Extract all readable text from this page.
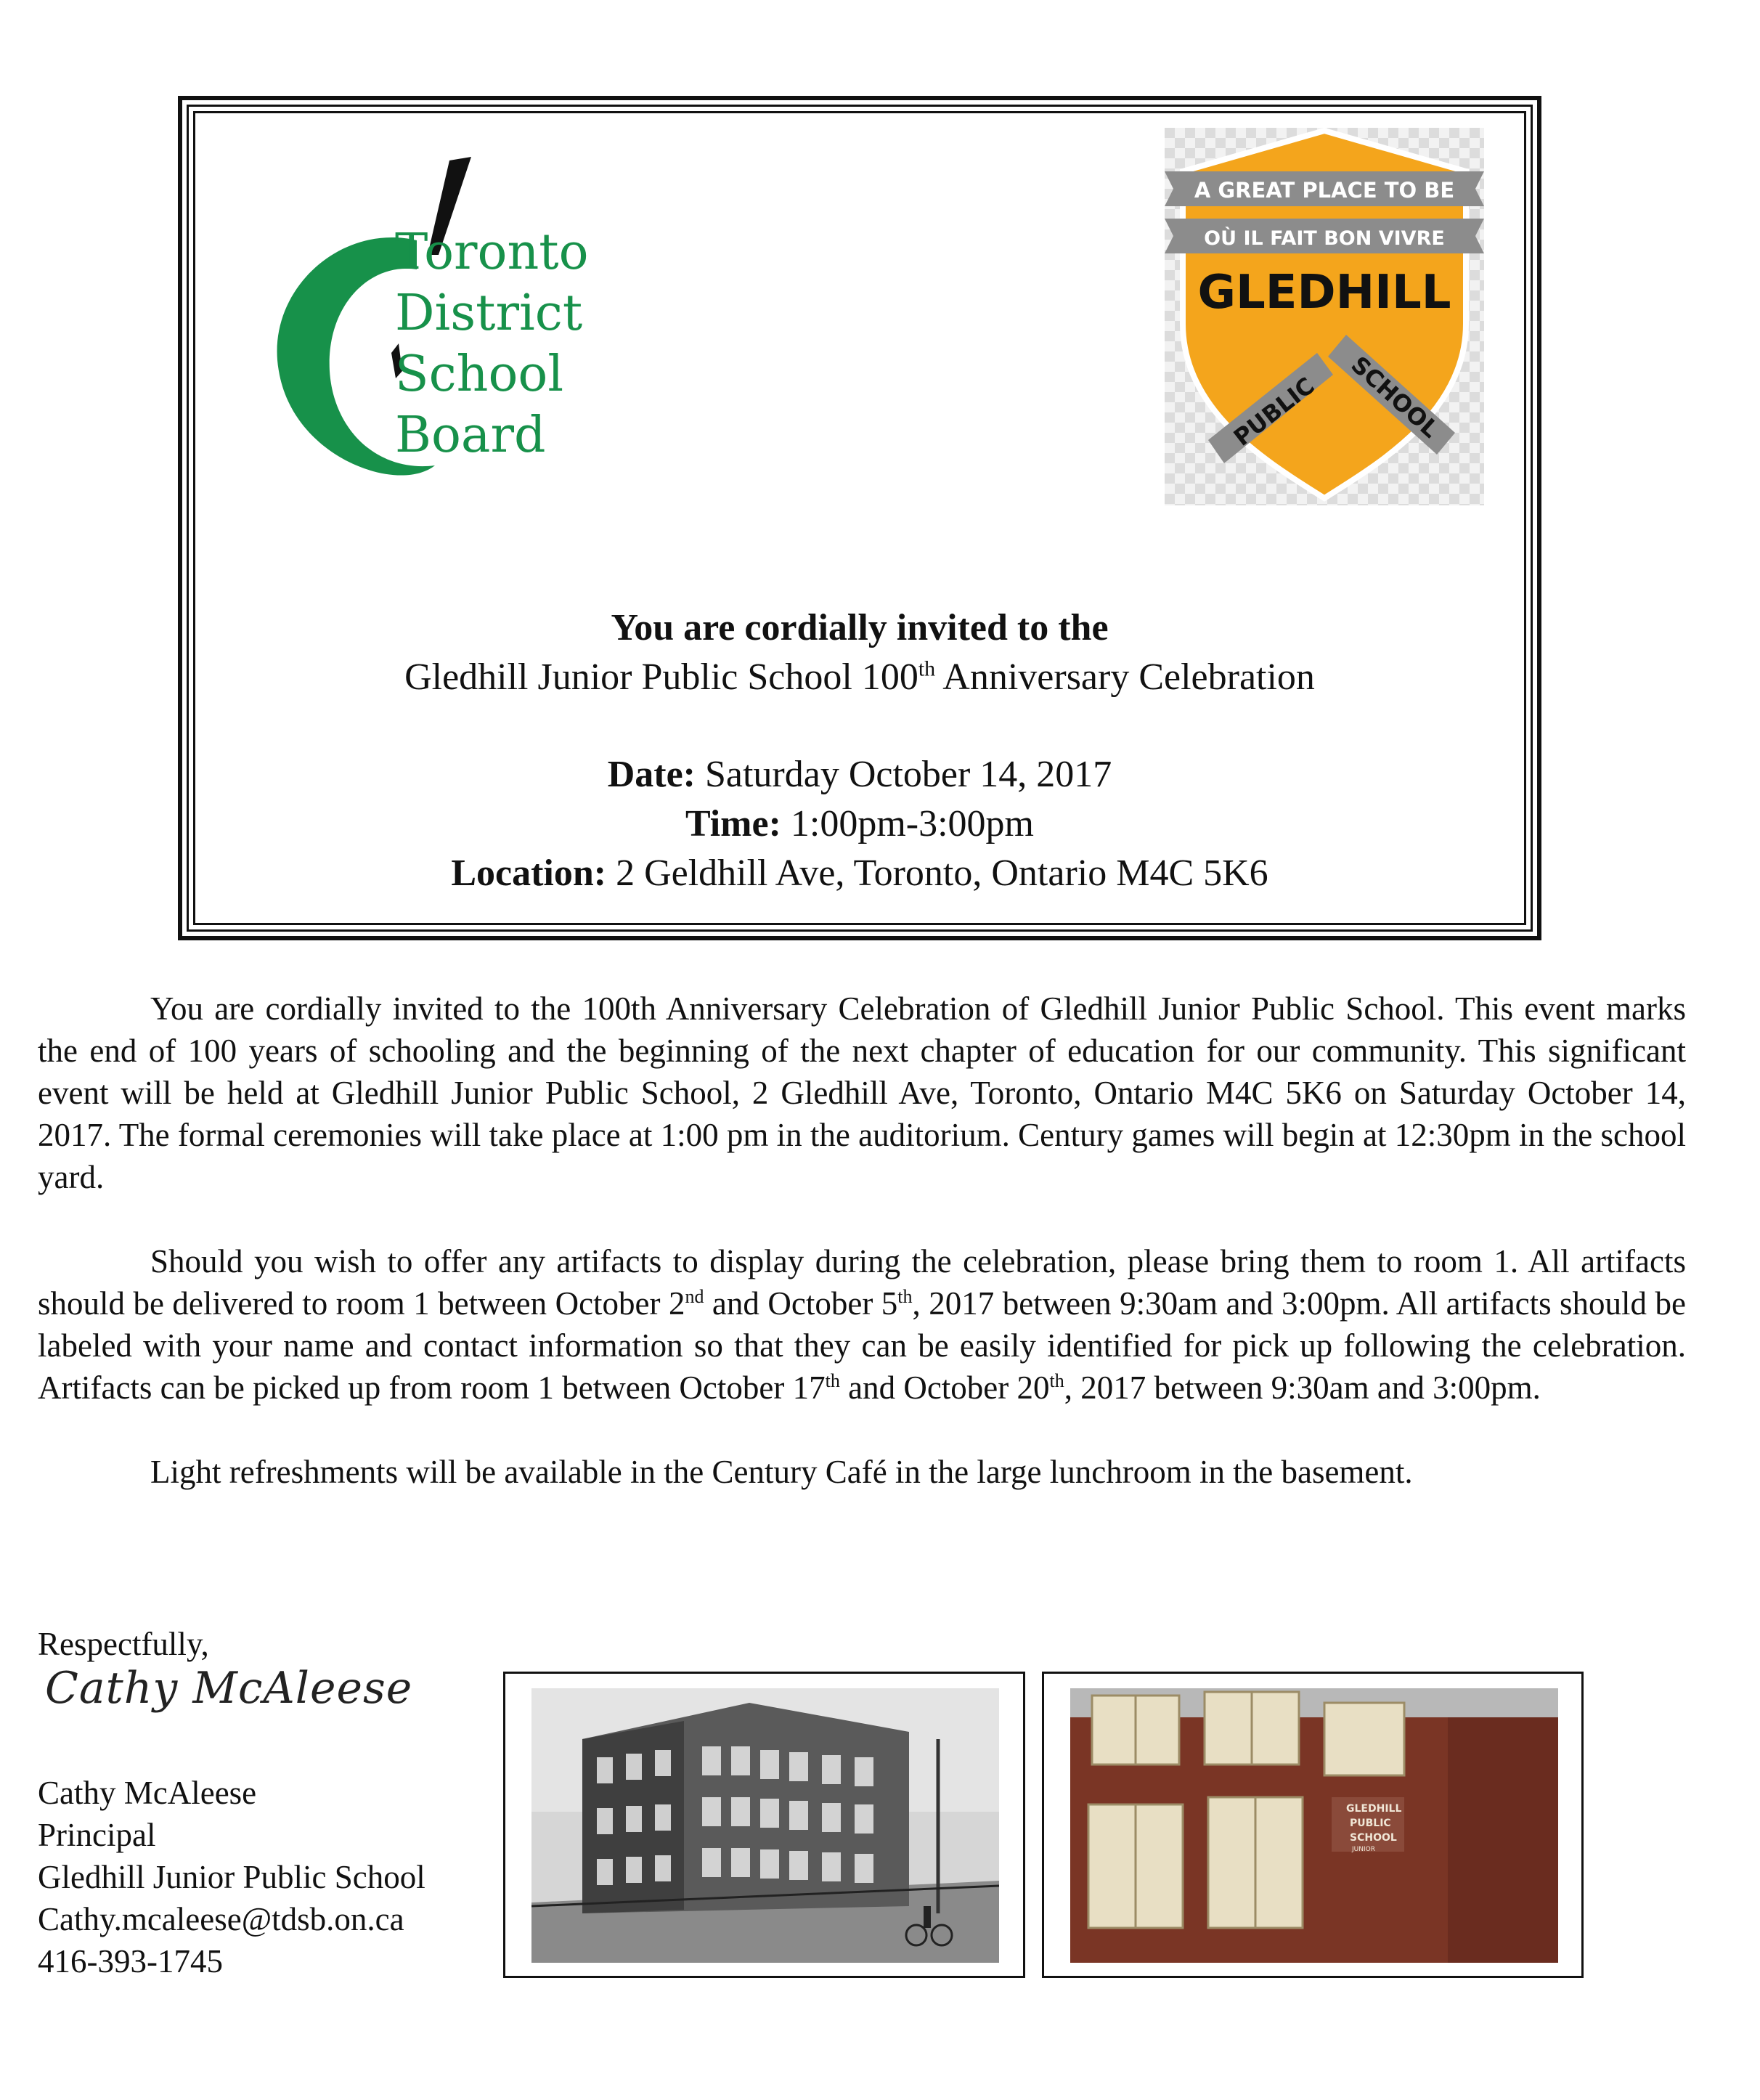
Toronto
District
School
Board
A GREAT PLACE TO BE
OÙ IL FAIT BON VIVRE
GLEDHILL
PUBLIC SCHOOL
You are cordially invited to the
Gledhill Junior Public School 100th Anniversary Celebration
Date: Saturday October 14, 2017
Time: 1:00pm-3:00pm
Location: 2 Geldhill Ave, Toronto, Ontario M4C 5K6

You are cordially invited to the 100th Anniversary Celebration of Gledhill Junior Public School. This event marks the end of 100 years of schooling and the beginning of the next chapter of education for our community. This significant event will be held at Gledhill Junior Public School, 2 Gledhill Ave, Toronto, Ontario M4C 5K6 on Saturday October 14, 2017. The formal ceremonies will take place at 1:00 pm in the auditorium. Century games will begin at 12:30pm in the school yard.

Should you wish to offer any artifacts to display during the celebration, please bring them to room 1. All artifacts should be delivered to room 1 between October 2nd and October 5th, 2017 between 9:30am and 3:00pm. All artifacts should be labeled with your name and contact information so that they can be easily identified for pick up following the celebration. Artifacts can be picked up from room 1 between October 17th and October 20th, 2017 between 9:30am and 3:00pm.

Light refreshments will be available in the Century Café in the large lunchroom in the basement.

Respectfully,
Cathy McAleese
Cathy McAleese
Principal
Gledhill Junior Public School
Cathy.mcaleese@tdsb.on.ca
416-393-1745
GLEDHILL
PUBLIC
SCHOOL
JUNIOR
